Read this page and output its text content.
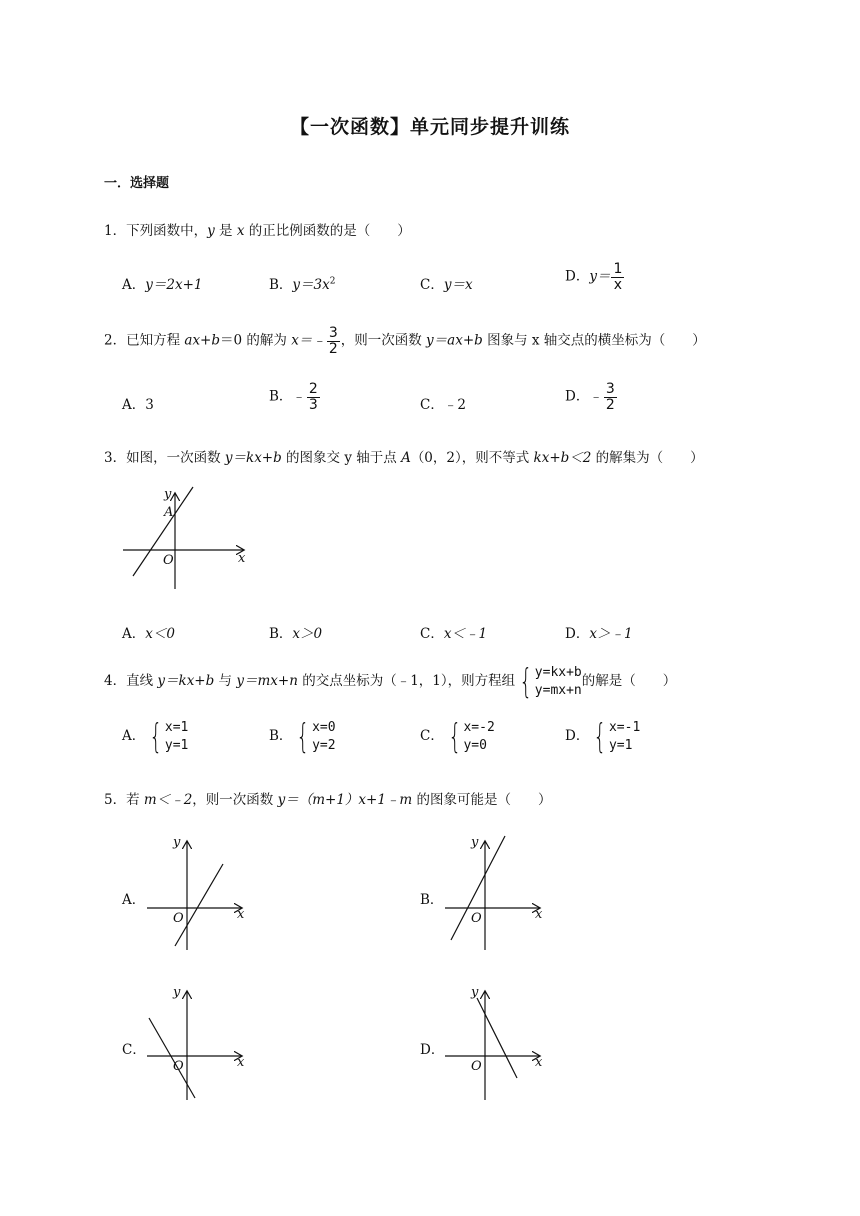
【一次函数】单元同步提升训练
一．选择题
1．下列函数中，y 是 x 的正比例函数的是（　　）
A．y＝2x+1	B．$y=3x^2$	C．y＝x
D．$y= \frac{1}{x}$
2．已知方程 ax+b＝0 的解为 x＝﹣ $\frac{3}{2}$ ，则一次函数 y＝ax+b 图象与 x 轴交点的横坐标为（　　）
A．3
B．﹣ $\frac{2}{3}$	C．﹣2
D．﹣ $\frac{3}{2}$
3．如图，一次函数 y＝kx+b 的图象交 y 轴于点 A（0，2），则不等式 kx+b＜2 的解集为（　　）
y
A
O	x
A．x＜0	B．x＞0	C．x＜﹣1	D．x＞﹣1
4．直线 y＝kx+b 与 y＝mx+n 的交点坐标为（﹣1，1），则方程组 { y=kx+b
y=mx+n
的解是（　　）
A． { x=1
y=1
B． { x=0
y=2
C． { x=-2
y=0
D． { x=-1
y=1
5．若 m＜﹣2，则一次函数 y＝（m+1）x+1﹣m 的图象可能是（　　）
A．
y
O	x
B．
y
O	x
C．
y
O	x
D．
y
O	x
